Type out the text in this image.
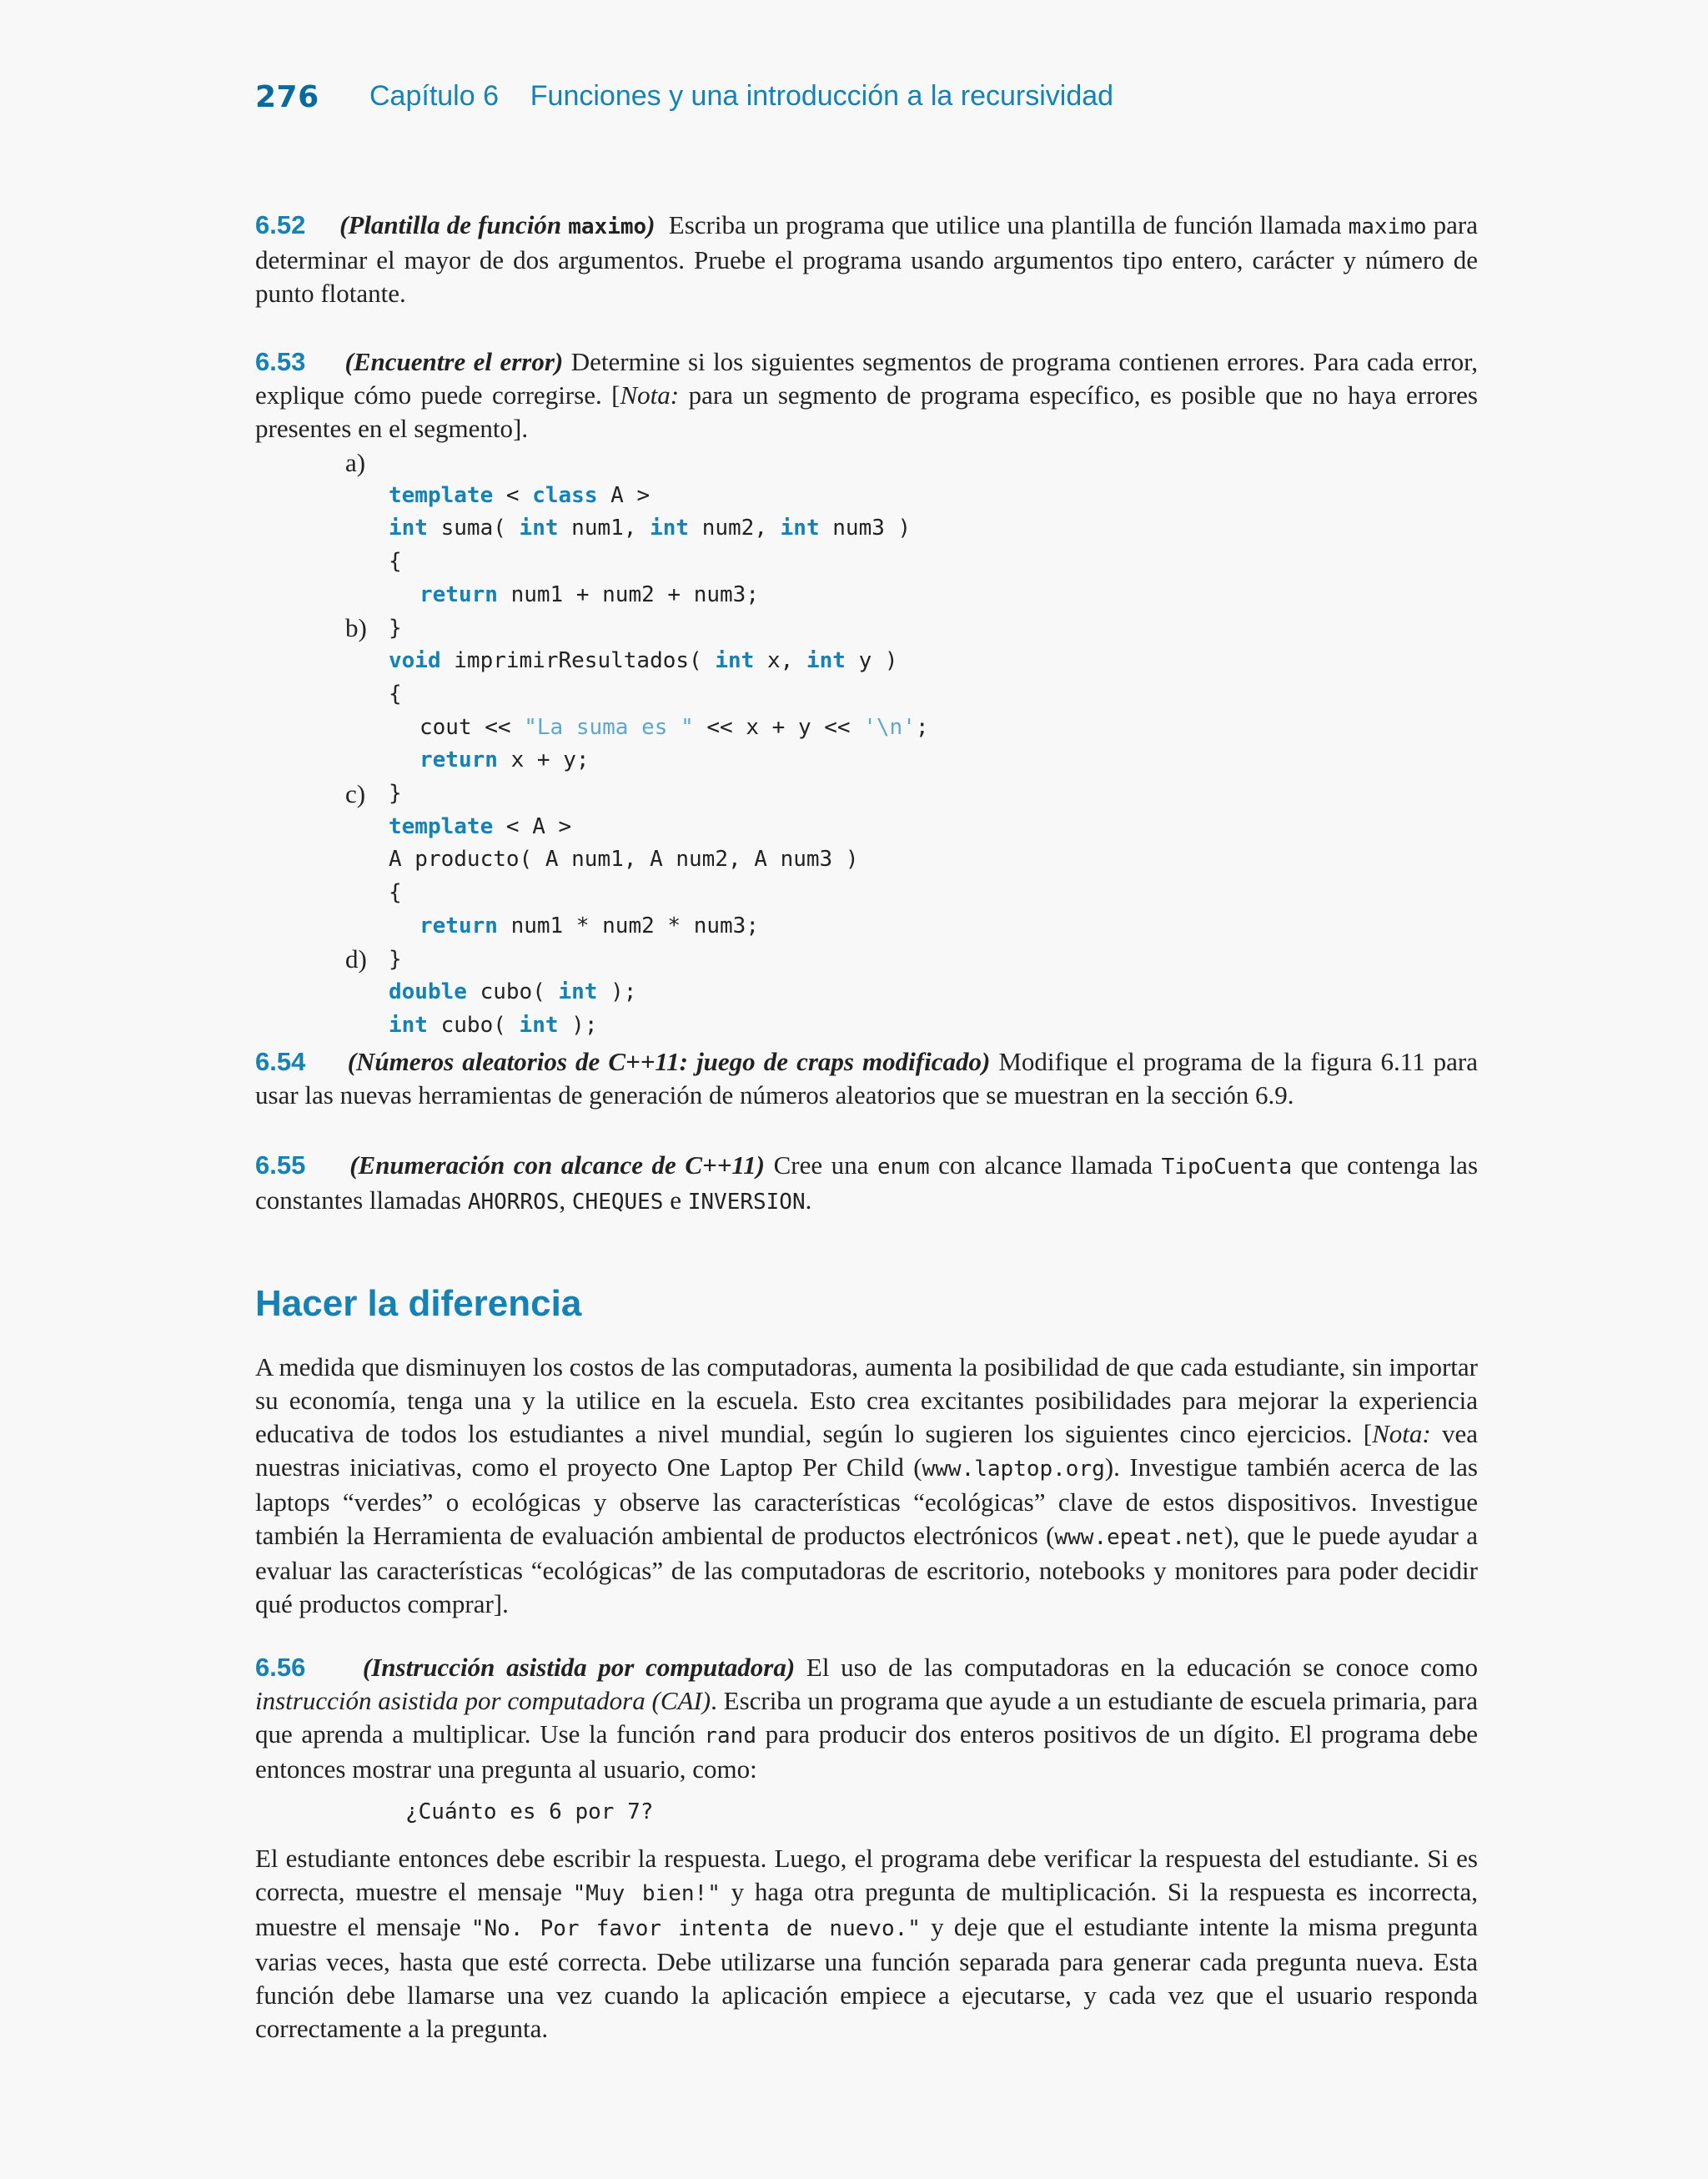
276 Capítulo 6    Funciones y una introducción a la recursividad
6.52 (Plantilla de función maximo) Escriba un programa que utilice una plantilla de función llamada maximo para determinar el mayor de dos argumentos. Pruebe el programa usando argumentos tipo entero, carácter y número de punto flotante.
6.53 (Encuentre el error) Determine si los siguientes segmentos de programa contienen errores. Para cada error, explique cómo puede corregirse. [Nota: para un segmento de programa específico, es posible que no haya errores presentes en el segmento].
a)
b)
c)
d)

template < class A >
int suma( int num1, int num2, int num3 )
{
return num1 + num2 + num3;
}
void imprimirResultados( int x, int y )
{
cout << "La suma es " << x + y << '\n';
return x + y;
}
template < A >
A producto( A num1, A num2, A num3 )
{
return num1 * num2 * num3;
}
double cubo( int );
int cubo( int );

6.54 (Números aleatorios de C++11: juego de craps modificado) Modifique el programa de la figura 6.11 para usar las nuevas herramientas de generación de números aleatorios que se muestran en la sección 6.9.
6.55 (Enumeración con alcance de C++11) Cree una enum con alcance llamada TipoCuenta que contenga las constantes llamadas AHORROS, CHEQUES e INVERSION.
Hacer la diferencia
A medida que disminuyen los costos de las computadoras, aumenta la posibilidad de que cada estudiante, sin importar su economía, tenga una y la utilice en la escuela. Esto crea excitantes posibilidades para mejorar la experiencia educativa de todos los estudiantes a nivel mundial, según lo sugieren los siguientes cinco ejercicios. [Nota: vea nuestras iniciativas, como el proyecto One Laptop Per Child (www.laptop.org). Investigue también acerca de las laptops “verdes” o ecológicas y observe las características “ecológicas” clave de estos dispositivos. Investigue también la Herramienta de evaluación ambiental de productos electrónicos (www.epeat.net), que le puede ayudar a evaluar las características “ecológicas” de las computadoras de escritorio, notebooks y monitores para poder decidir qué productos comprar].
6.56 (Instrucción asistida por computadora) El uso de las computadoras en la educación se conoce como instrucción asistida por computadora (CAI). Escriba un programa que ayude a un estudiante de escuela primaria, para que aprenda a multiplicar. Use la función rand para producir dos enteros positivos de un dígito. El programa debe entonces mostrar una pregunta al usuario, como:
¿Cuánto es 6 por 7?
El estudiante entonces debe escribir la respuesta. Luego, el programa debe verificar la respuesta del estudiante. Si es correcta, muestre el mensaje "Muy bien!" y haga otra pregunta de multiplicación. Si la respuesta es incorrecta, muestre el mensaje "No. Por favor intenta de nuevo." y deje que el estudiante intente la misma pregunta varias veces, hasta que esté correcta. Debe utilizarse una función separada para generar cada pregunta nueva. Esta función debe llamarse una vez cuando la aplicación empiece a ejecutarse, y cada vez que el usuario responda correctamente a la pregunta.
